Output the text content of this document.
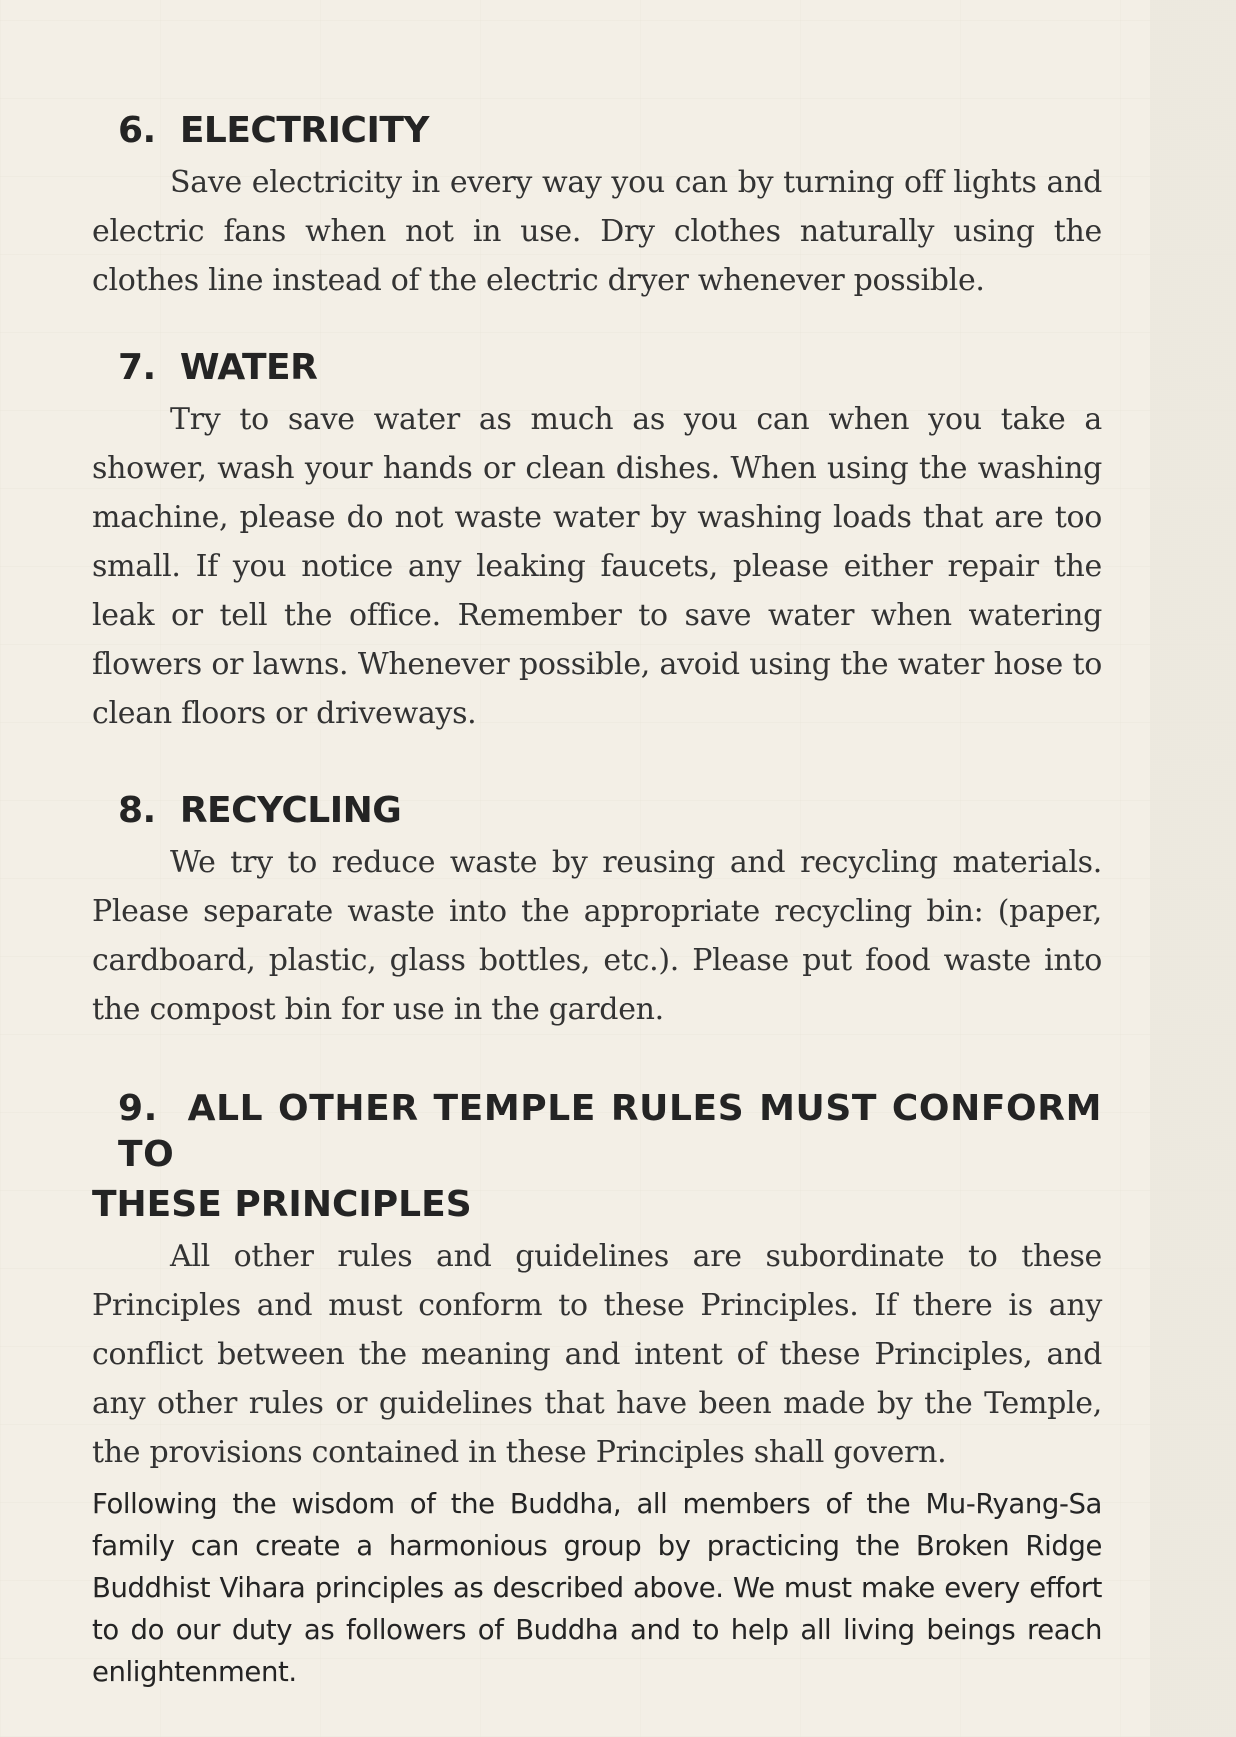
6. ELECTRICITY

Save electricity in every way you can by turning off lights and electric fans when not in use. Dry clothes naturally using the clothes line instead of the electric dryer whenever possible.

7. WATER

Try to save water as much as you can when you take a shower, wash your hands or clean dishes. When using the washing machine, please do not waste water by washing loads that are too small. If you notice any leaking faucets, please either repair the leak or tell the office. Remember to save water when watering flowers or lawns. Whenever possible, avoid using the water hose to clean floors or driveways.

8. RECYCLING

We try to reduce waste by reusing and recycling materials. Please separate waste into the appropriate recycling bin: (paper, cardboard, plastic, glass bottles, etc.). Please put food waste into the compost bin for use in the garden.

9. ALL OTHER TEMPLE RULES MUST CONFORM TO
THESE PRINCIPLES

All other rules and guidelines are subordinate to these Principles and must conform to these Principles. If there is any conflict between the meaning and intent of these Principles, and any other rules or guidelines that have been made by the Temple, the provisions contained in these Principles shall govern.

Following the wisdom of the Buddha, all members of the Mu-Ryang-Sa family can create a harmonious group by practicing the Broken Ridge Buddhist Vihara principles as described above. We must make every effort to do our duty as followers of Buddha and to help all living beings reach enlightenment.
